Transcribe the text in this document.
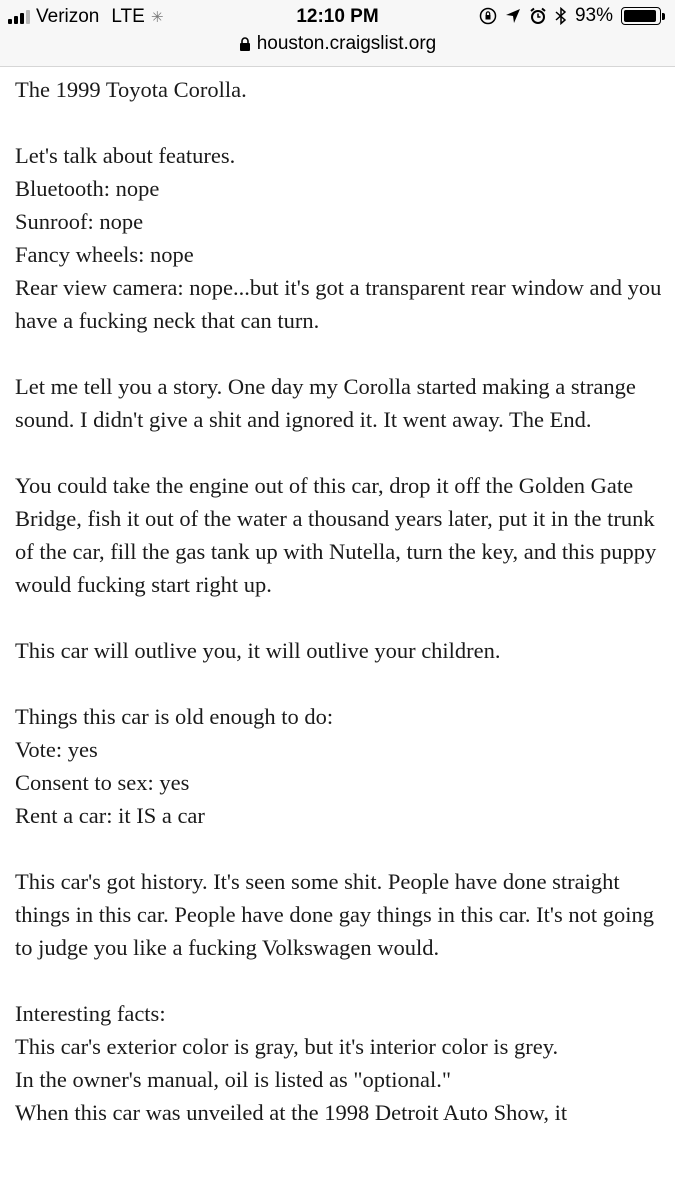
Verizon LTE ✳	12:10 PM	93%
houston.craigslist.org

The 1999 Toyota Corolla.

Let's talk about features.
Bluetooth: nope
Sunroof: nope
Fancy wheels: nope
Rear view camera: nope...but it's got a transparent rear window and you have a fucking neck that can turn.

Let me tell you a story. One day my Corolla started making a strange sound. I didn't give a shit and ignored it. It went away. The End.

You could take the engine out of this car, drop it off the Golden Gate Bridge, fish it out of the water a thousand years later, put it in the trunk of the car, fill the gas tank up with Nutella, turn the key, and this puppy would fucking start right up.

This car will outlive you, it will outlive your children.

Things this car is old enough to do:
Vote: yes
Consent to sex: yes
Rent a car: it IS a car

This car's got history. It's seen some shit. People have done straight things in this car. People have done gay things in this car. It's not going to judge you like a fucking Volkswagen would.

Interesting facts:
This car's exterior color is gray, but it's interior color is grey.
In the owner's manual, oil is listed as "optional."
When this car was unveiled at the 1998 Detroit Auto Show, it
